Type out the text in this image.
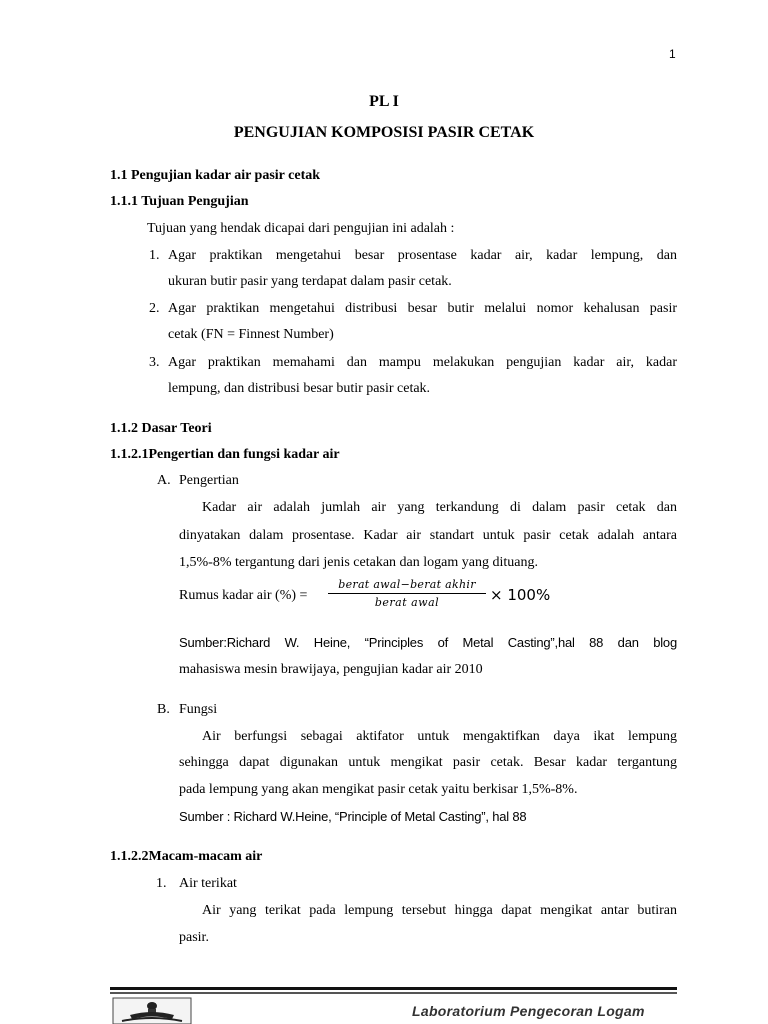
1
PL I
PENGUJIAN KOMPOSISI PASIR CETAK
1.1 Pengujian kadar air pasir cetak
1.1.1 Tujuan Pengujian
Tujuan yang hendak dicapai dari pengujian ini adalah :
1. Agar praktikan mengetahui besar prosentase kadar air, kadar lempung, dan
ukuran butir pasir yang terdapat dalam pasir cetak.
2. Agar praktikan mengetahui distribusi besar butir melalui nomor kehalusan pasir
cetak (FN = Finnest Number)
3. Agar praktikan memahami dan mampu melakukan pengujian kadar air, kadar
lempung, dan distribusi besar butir pasir cetak.
1.1.2 Dasar Teori
1.1.2.1Pengertian dan fungsi kadar air
A. Pengertian
Kadar air adalah jumlah air yang terkandung di dalam pasir cetak dan
dinyatakan dalam prosentase. Kadar air standart untuk pasir cetak adalah antara
1,5%-8% tergantung dari jenis cetakan dan logam yang dituang.
Rumus kadar air (%) =
berat awal−berat akhir
berat awal	× 100%
Sumber:Richard W. Heine, “Principles of Metal Casting”,hal 88 dan blog
mahasiswa mesin brawijaya, pengujian kadar air 2010
B. Fungsi
Air berfungsi sebagai aktifator untuk mengaktifkan daya ikat lempung
sehingga dapat digunakan untuk mengikat pasir cetak. Besar kadar tergantung
pada lempung yang akan mengikat pasir cetak yaitu berkisar 1,5%-8%.
Sumber : Richard W.Heine, “Principle of Metal Casting”, hal 88
1.1.2.2Macam-macam air
1. Air terikat
Air yang terikat pada lempung tersebut hingga dapat mengikat antar butiran
pasir.
Laboratorium Pengecoran Logam
